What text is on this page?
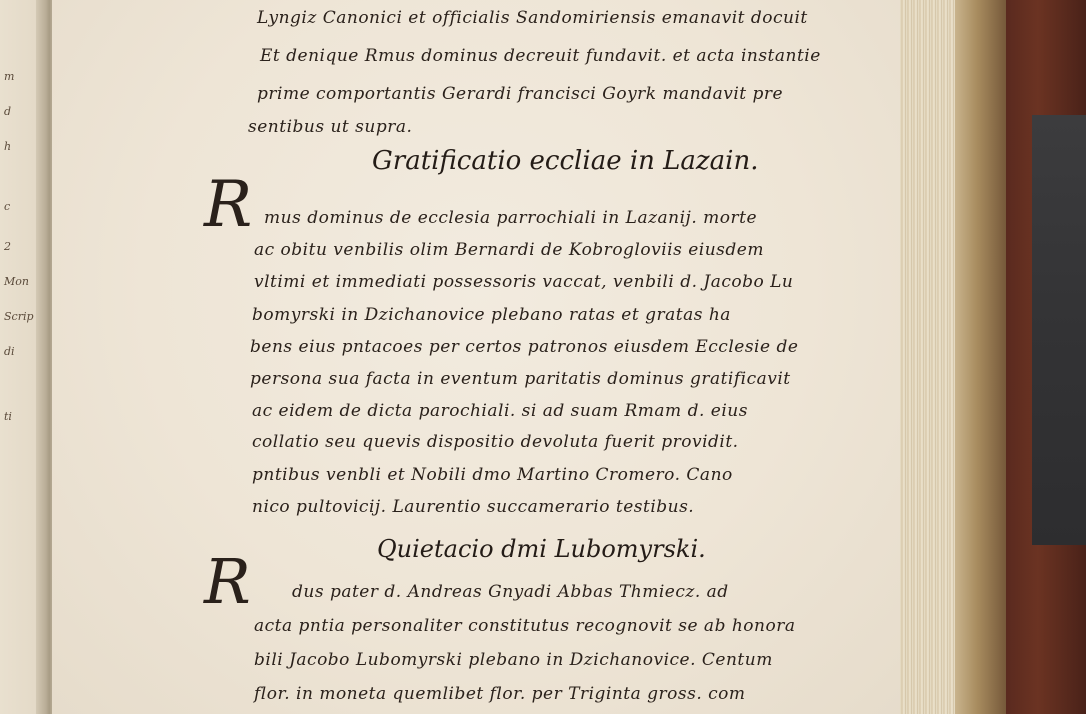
m
d
h
c
2
Mon
Scrip
di
ti
Lyngiz Canonici et officialis Sandomiriensis emanavit docuit
Et denique Rmus dominus decreuit fundavit. et acta instantie
prime comportantis Gerardi francisci Goyrk mandavit pre
sentibus ut supra.
Gratificatio eccliae in Lazain.
R mus dominus de ecclesia parrochiali in Lazanij. morte
ac obitu venbilis olim Bernardi de Kobrogloviis eiusdem
vltimi et immediati possessoris vaccat, venbili d. Jacobo Lu
bomyrski in Dzichanovice plebano ratas et gratas ha
bens eius pntacoes per certos patronos eiusdem Ecclesie de
persona sua facta in eventum paritatis dominus gratificavit
ac eidem de dicta parochiali. si ad suam Rmam d. eius
collatio seu quevis dispositio devoluta fuerit providit.
pntibus venbli et Nobili dmo Martino Cromero. Cano
nico pultovicij. Laurentio succamerario testibus.
Quietacio dmi Lubomyrski.
R dus pater d. Andreas Gnyadi Abbas Thmiecz. ad
acta pntia personaliter constitutus recognovit se ab honora
bili Jacobo Lubomyrski plebano in Dzichanovice. Centum
flor. in moneta quemlibet flor. per Triginta gross. com
